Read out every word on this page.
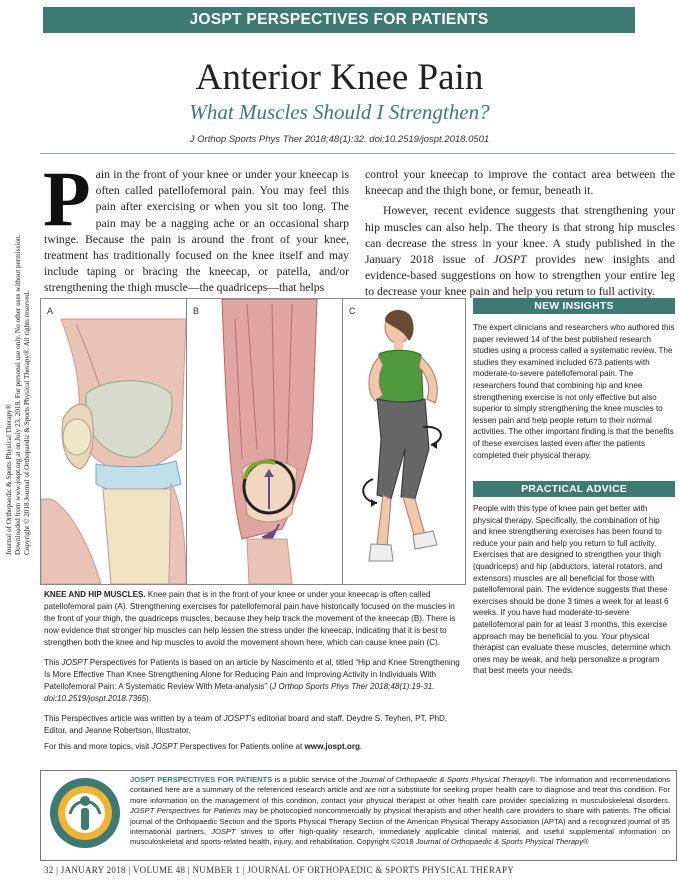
JOSPT PERSPECTIVES FOR PATIENTS
Anterior Knee Pain
What Muscles Should I Strengthen?
J Orthop Sports Phys Ther 2018;48(1):32. doi:10.2519/jospt.2018.0501
Journal of Orthopaedic & Sports Physical Therapy® Downloaded from www.jospt.org at on July 23, 2018. For personal use only. No other uses without permission. Copyright © 2018 Journal of Orthopaedic & Sports Physical Therapy®. All rights reserved.
Pain in the front of your knee or under your kneecap is often called patellofemoral pain. You may feel this pain after exercising or when you sit too long. The pain may be a nagging ache or an occasional sharp twinge. Because the pain is around the front of your knee, treatment has traditionally focused on the knee itself and may include taping or bracing the kneecap, or patella, and/or strengthening the thigh muscle—the quadriceps—that helps

control your kneecap to improve the contact area between the kneecap and the thigh bone, or femur, beneath it.

However, recent evidence suggests that strengthening your hip muscles can also help. The theory is that strong hip muscles can decrease the stress in your knee. A study published in the January 2018 issue of JOSPT provides new insights and evidence-based suggestions on how to strengthen your entire leg to decrease your knee pain and help you return to full activity.

A	B	C
KNEE AND HIP MUSCLES. Knee pain that is in the front of your knee or under your kneecap is often called patellofemoral pain (A). Strengthening exercises for patellofemoral pain have historically focused on the muscles in the front of your thigh, the quadriceps muscles, because they help track the movement of the kneecap (B). There is now evidence that stronger hip muscles can help lessen the stress under the kneecap, indicating that it is best to strengthen both the knee and hip muscles to avoid the movement shown here, which can cause knee pain (C).
This JOSPT Perspectives for Patients is based on an article by Nascimento et al, titled “Hip and Knee Strengthening Is More Effective Than Knee Strengthening Alone for Reducing Pain and Improving Activity in Individuals With Patellofemoral Pain: A Systematic Review With Meta-analysis” (J Orthop Sports Phys Ther 2018;48(1):19-31. doi:10.2519/jospt.2018.7365).
This Perspectives article was written by a team of JOSPT’s editorial board and staff. Deydre S. Teyhen, PT, PhD, Editor, and Jeanne Robertson, Illustrator.
For this and more topics, visit JOSPT Perspectives for Patients online at www.jospt.org.
NEW INSIGHTS
The expert clinicians and researchers who authored this paper reviewed 14 of the best published research studies using a process called a systematic review. The studies they examined included 673 patients with moderate-to-severe patellofemoral pain. The researchers found that combining hip and knee strengthening exercise is not only effective but also superior to simply strengthening the knee muscles to lessen pain and help people return to their normal activities. The other important finding is that the benefits of these exercises lasted even after the patients completed their physical therapy.
PRACTICAL ADVICE
People with this type of knee pain get better with physical therapy. Specifically, the combination of hip and knee strengthening exercises has been found to reduce your pain and help you return to full activity. Exercises that are designed to strengthen your thigh (quadriceps) and hip (abductors, lateral rotators, and extensors) muscles are all beneficial for those with patellofemoral pain. The evidence suggests that these exercises should be done 3 times a week for at least 6 weeks. If you have had moderate-to-severe patellofemoral pain for at least 3 months, this exercise approach may be beneficial to you. Your physical therapist can evaluate these muscles, determine which ones may be weak, and help personalize a program that best meets your needs.
JOSPT PERSPECTIVES FOR PATIENTS is a public service of the Journal of Orthopaedic & Sports Physical Therapy®. The information and recommendations contained here are a summary of the referenced research article and are not a substitute for seeking proper health care to diagnose and treat this condition. For more information on the management of this condition, contact your physical therapist or other health care provider specializing in musculoskeletal disorders. JOSPT Perspectives for Patients may be photocopied noncommercially by physical therapists and other health care providers to share with patients. The official journal of the Orthopaedic Section and the Sports Physical Therapy Section of the American Physical Therapy Association (APTA) and a recognized journal of 35 international partners, JOSPT strives to offer high-quality research, immediately applicable clinical material, and useful supplemental information on musculoskeletal and sports-related health, injury, and rehabilitation. Copyright ©2018 Journal of Orthopaedic & Sports Physical Therapy®
32 | JANUARY 2018 | VOLUME 48 | NUMBER 1 | JOURNAL OF ORTHOPAEDIC & SPORTS PHYSICAL THERAPY
